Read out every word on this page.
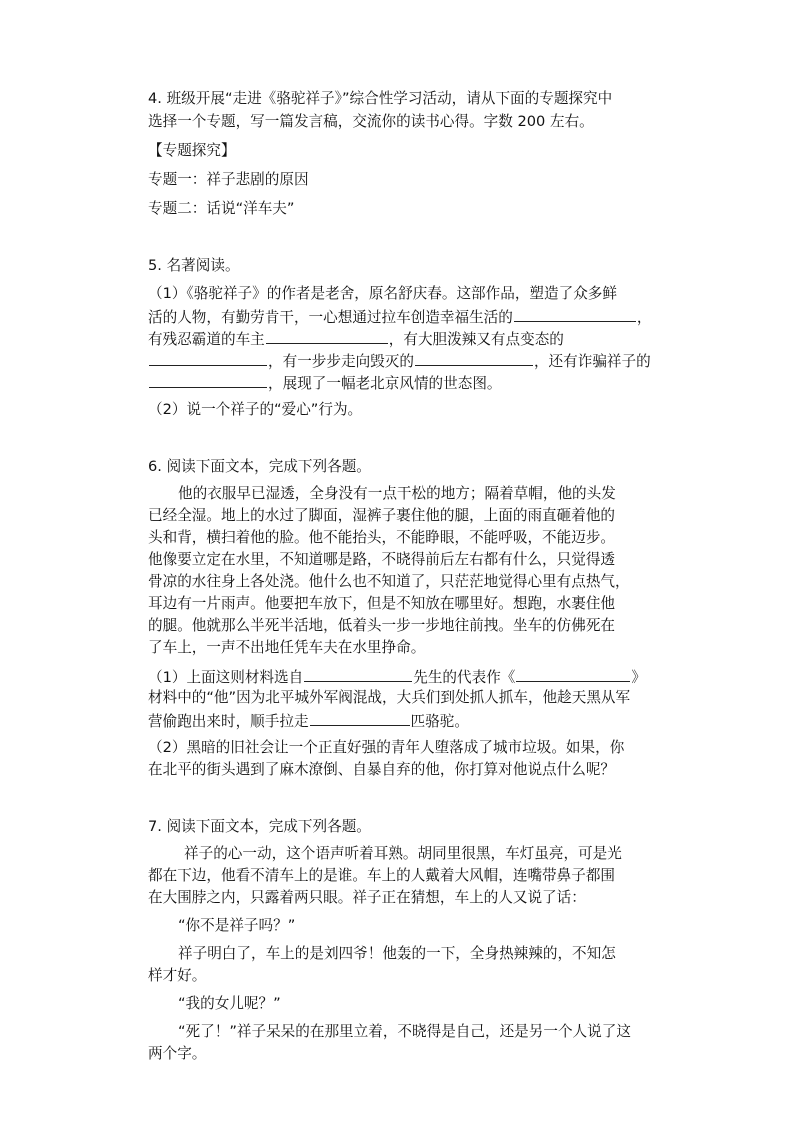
4. 班级开展“走进《骆驼祥子》”综合性学习活动，请从下面的专题探究中
选择一个专题，写一篇发言稿，交流你的读书心得。字数 200 左右。
【专题探究】
专题一：祥子悲剧的原因
专题二：话说“洋车夫”
5. 名著阅读。
（1）《骆驼祥子》的作者是老舍，原名舒庆春。这部作品，塑造了众多鲜
活的人物，有勤劳肯干，一心想通过拉车创造幸福生活的	，
有残忍霸道的车主	，有大胆泼辣又有点变态的
，有一步步走向毁灭的	，还有诈骗祥子的
，展现了一幅老北京风情的世态图。
（2）说一个祥子的“爱心”行为。
6. 阅读下面文本，完成下列各题。
他的衣服早已湿透，全身没有一点干松的地方；隔着草帽，他的头发
已经全湿。地上的水过了脚面，湿裤子裹住他的腿，上面的雨直砸着他的
头和背，横扫着他的脸。他不能抬头，不能睁眼，不能呼吸，不能迈步。
他像要立定在水里，不知道哪是路，不晓得前后左右都有什么，只觉得透
骨凉的水往身上各处浇。他什么也不知道了，只茫茫地觉得心里有点热气，
耳边有一片雨声。他要把车放下，但是不知放在哪里好。想跑，水裹住他
的腿。他就那么半死半活地，低着头一步一步地往前拽。坐车的仿佛死在
了车上，一声不出地任凭车夫在水里挣命。
（1）上面这则材料选自	先生的代表作《	》
材料中的“他”因为北平城外军阀混战，大兵们到处抓人抓车，他趁天黑从军
营偷跑出来时，顺手拉走	匹骆驼。
（2）黑暗的旧社会让一个正直好强的青年人堕落成了城市垃圾。如果，你
在北平的街头遇到了麻木潦倒、自暴自弃的他，你打算对他说点什么呢？
7. 阅读下面文本，完成下列各题。
祥子的心一动，这个语声听着耳熟。胡同里很黑，车灯虽亮，可是光
都在下边，他看不清车上的是谁。车上的人戴着大风帽，连嘴带鼻子都围
在大围脖之内，只露着两只眼。祥子正在猜想，车上的人又说了话：
“你不是祥子吗？”
祥子明白了，车上的是刘四爷！他轰的一下，全身热辣辣的，不知怎
样才好。
“我的女儿呢？”
“死了！”祥子呆呆的在那里立着，不晓得是自己，还是另一个人说了这
两个字。
